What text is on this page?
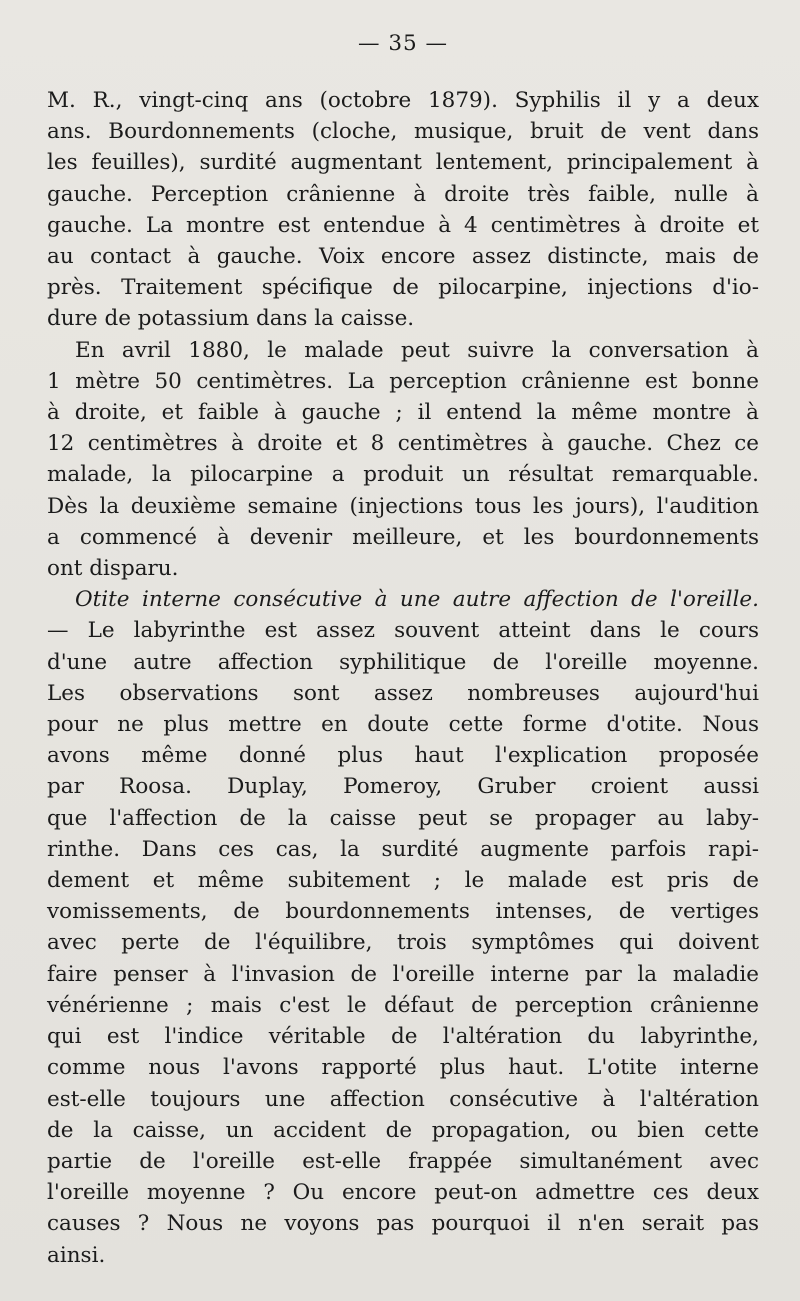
— 35 —

M. R., vingt-cinq ans (octobre 1879). Syphilis il y a deux
ans. Bourdonnements (cloche, musique, bruit de vent dans
les feuilles), surdité augmentant lentement, principalement à
gauche. Perception crânienne à droite très faible, nulle à
gauche. La montre est entendue à 4 centimètres à droite et
au contact à gauche. Voix encore assez distincte, mais de
près. Traitement spécifique de pilocarpine, injections d'io-
dure de potassium dans la caisse.

En avril 1880, le malade peut suivre la conversation à
1 mètre 50 centimètres. La perception crânienne est bonne
à droite, et faible à gauche ; il entend la même montre à
12 centimètres à droite et 8 centimètres à gauche. Chez ce
malade, la pilocarpine a produit un résultat remarquable.
Dès la deuxième semaine (injections tous les jours), l'audition
a commencé à devenir meilleure, et les bourdonnements
ont disparu.

Otite interne consécutive à une autre affection de l'oreille.
— Le labyrinthe est assez souvent atteint dans le cours
d'une autre affection syphilitique de l'oreille moyenne.
Les observations sont assez nombreuses aujourd'hui
pour ne plus mettre en doute cette forme d'otite. Nous
avons même donné plus haut l'explication proposée
par Roosa. Duplay, Pomeroy, Gruber croient aussi
que l'affection de la caisse peut se propager au laby-
rinthe. Dans ces cas, la surdité augmente parfois rapi-
dement et même subitement ; le malade est pris de
vomissements, de bourdonnements intenses, de vertiges
avec perte de l'équilibre, trois symptômes qui doivent
faire penser à l'invasion de l'oreille interne par la maladie
vénérienne ; mais c'est le défaut de perception crânienne
qui est l'indice véritable de l'altération du labyrinthe,
comme nous l'avons rapporté plus haut. L'otite interne
est-elle toujours une affection consécutive à l'altération
de la caisse, un accident de propagation, ou bien cette
partie de l'oreille est-elle frappée simultanément avec
l'oreille moyenne ? Ou encore peut-on admettre ces deux
causes ? Nous ne voyons pas pourquoi il n'en serait pas
ainsi.
